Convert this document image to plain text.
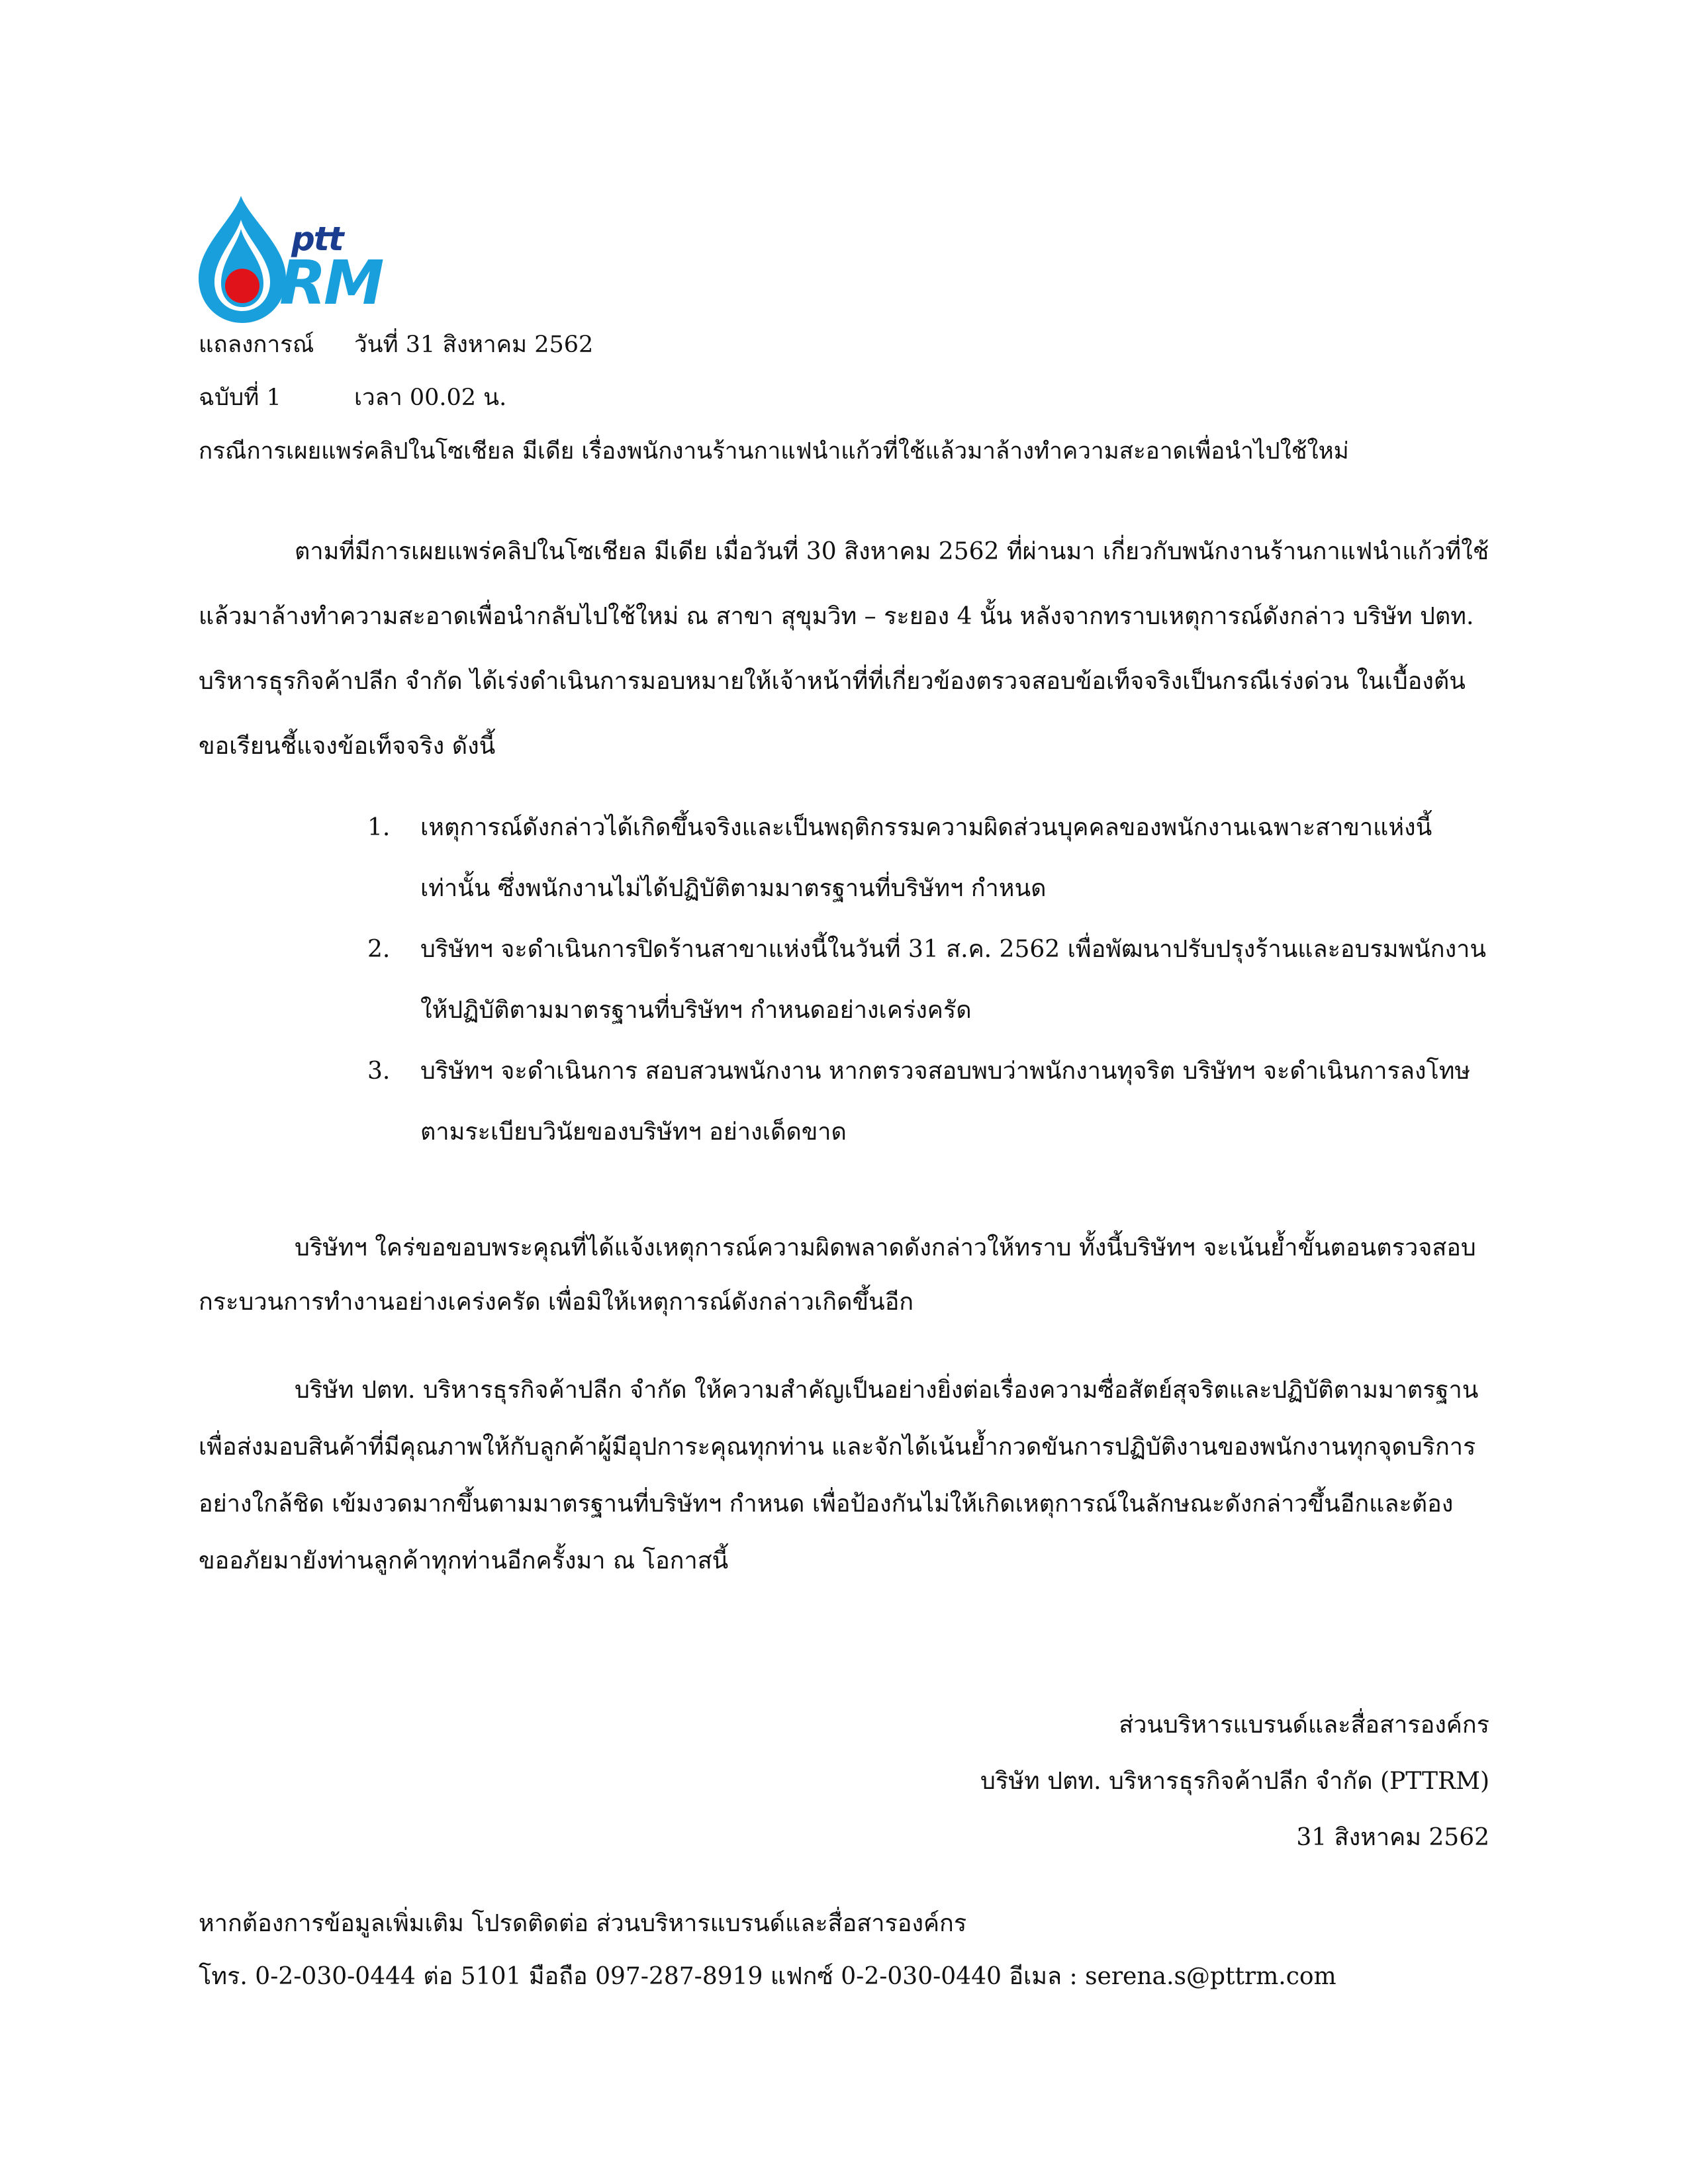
ptt
RM
แถลงการณ์ วันที่ 31 สิงหาคม 2562
ฉบับที่ 1	เวลา 00.02 น.
กรณีการเผยแพร่คลิปในโซเชียล มีเดีย เรื่องพนักงานร้านกาแฟนำแก้วที่ใช้แล้วมาล้างทำความสะอาดเพื่อนำไปใช้ใหม่

ตามที่มีการเผยแพร่คลิปในโซเชียล มีเดีย เมื่อวันที่ 30 สิงหาคม 2562 ที่ผ่านมา เกี่ยวกับพนักงานร้านกาแฟนำแก้วที่ใช้แล้วมาล้างทำความสะอาดเพื่อนำกลับไปใช้ใหม่ ณ สาขา สุขุมวิท – ระยอง 4 นั้น หลังจากทราบเหตุการณ์ดังกล่าว บริษัท ปตท. บริหารธุรกิจค้าปลีก จำกัด ได้เร่งดำเนินการมอบหมายให้เจ้าหน้าที่ที่เกี่ยวข้องตรวจสอบข้อเท็จจริงเป็นกรณีเร่งด่วน ในเบื้องต้นขอเรียนชี้แจงข้อเท็จจริง ดังนี้

1. เหตุการณ์ดังกล่าวได้เกิดขึ้นจริงและเป็นพฤติกรรมความผิดส่วนบุคคลของพนักงานเฉพาะสาขาแห่งนี้เท่านั้น ซึ่งพนักงานไม่ได้ปฏิบัติตามมาตรฐานที่บริษัทฯ กำหนด
2. บริษัทฯ จะดำเนินการปิดร้านสาขาแห่งนี้ในวันที่ 31 ส.ค. 2562 เพื่อพัฒนาปรับปรุงร้านและอบรมพนักงานให้ปฏิบัติตามมาตรฐานที่บริษัทฯ กำหนดอย่างเคร่งครัด
3. บริษัทฯ จะดำเนินการ สอบสวนพนักงาน หากตรวจสอบพบว่าพนักงานทุจริต บริษัทฯ จะดำเนินการลงโทษตามระเบียบวินัยของบริษัทฯ อย่างเด็ดขาด

บริษัทฯ ใคร่ขอขอบพระคุณที่ได้แจ้งเหตุการณ์ความผิดพลาดดังกล่าวให้ทราบ ทั้งนี้บริษัทฯ จะเน้นย้ำขั้นตอนตรวจสอบกระบวนการทำงานอย่างเคร่งครัด เพื่อมิให้เหตุการณ์ดังกล่าวเกิดขึ้นอีก

บริษัท ปตท. บริหารธุรกิจค้าปลีก จำกัด ให้ความสำคัญเป็นอย่างยิ่งต่อเรื่องความซื่อสัตย์สุจริตและปฏิบัติตามมาตรฐานเพื่อส่งมอบสินค้าที่มีคุณภาพให้กับลูกค้าผู้มีอุปการะคุณทุกท่าน และจักได้เน้นย้ำกวดขันการปฏิบัติงานของพนักงานทุกจุดบริการอย่างใกล้ชิด เข้มงวดมากขึ้นตามมาตรฐานที่บริษัทฯ กำหนด เพื่อป้องกันไม่ให้เกิดเหตุการณ์ในลักษณะดังกล่าวขึ้นอีกและต้องขออภัยมายังท่านลูกค้าทุกท่านอีกครั้งมา ณ โอกาสนี้

ส่วนบริหารแบรนด์และสื่อสารองค์กร
บริษัท ปตท. บริหารธุรกิจค้าปลีก จำกัด (PTTRM)
31 สิงหาคม 2562
หากต้องการข้อมูลเพิ่มเติม โปรดติดต่อ ส่วนบริหารแบรนด์และสื่อสารองค์กร
โทร. 0-2-030-0444 ต่อ 5101 มือถือ 097-287-8919 แฟกซ์ 0-2-030-0440 อีเมล : serena.s@pttrm.com
